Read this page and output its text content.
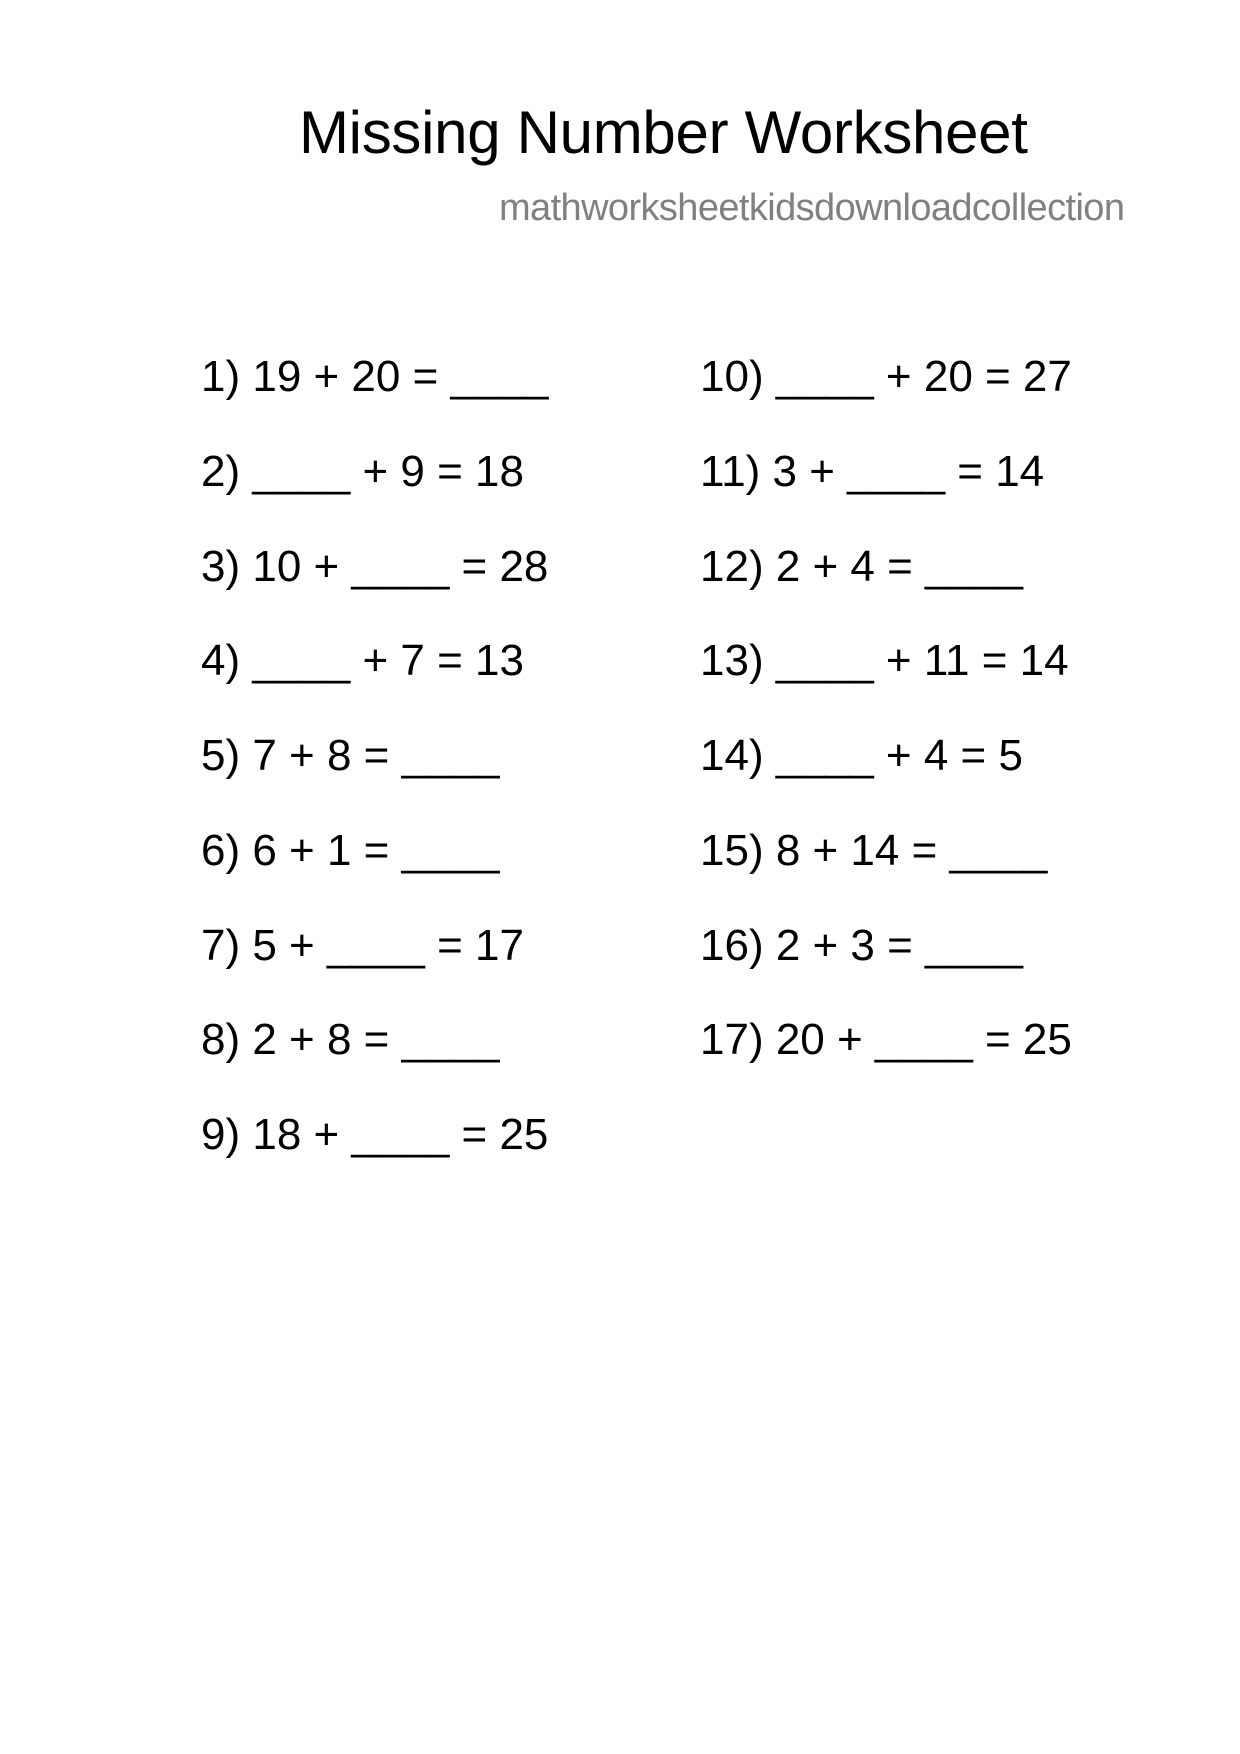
Missing Number Worksheet
mathworksheetkidsdownloadcollection
1) 19 + 20 = ____
2) ____ + 9 = 18
3) 10 + ____ = 28
4) ____ + 7 = 13
5) 7 + 8 = ____
6) 6 + 1 = ____
7) 5 + ____ = 17
8) 2 + 8 = ____
9) 18 + ____ = 25
10) ____ + 20 = 27
11) 3 + ____ = 14
12) 2 + 4 = ____
13) ____ + 11 = 14
14) ____ + 4 = 5
15) 8 + 14 = ____
16) 2 + 3 = ____
17) 20 + ____ = 25
